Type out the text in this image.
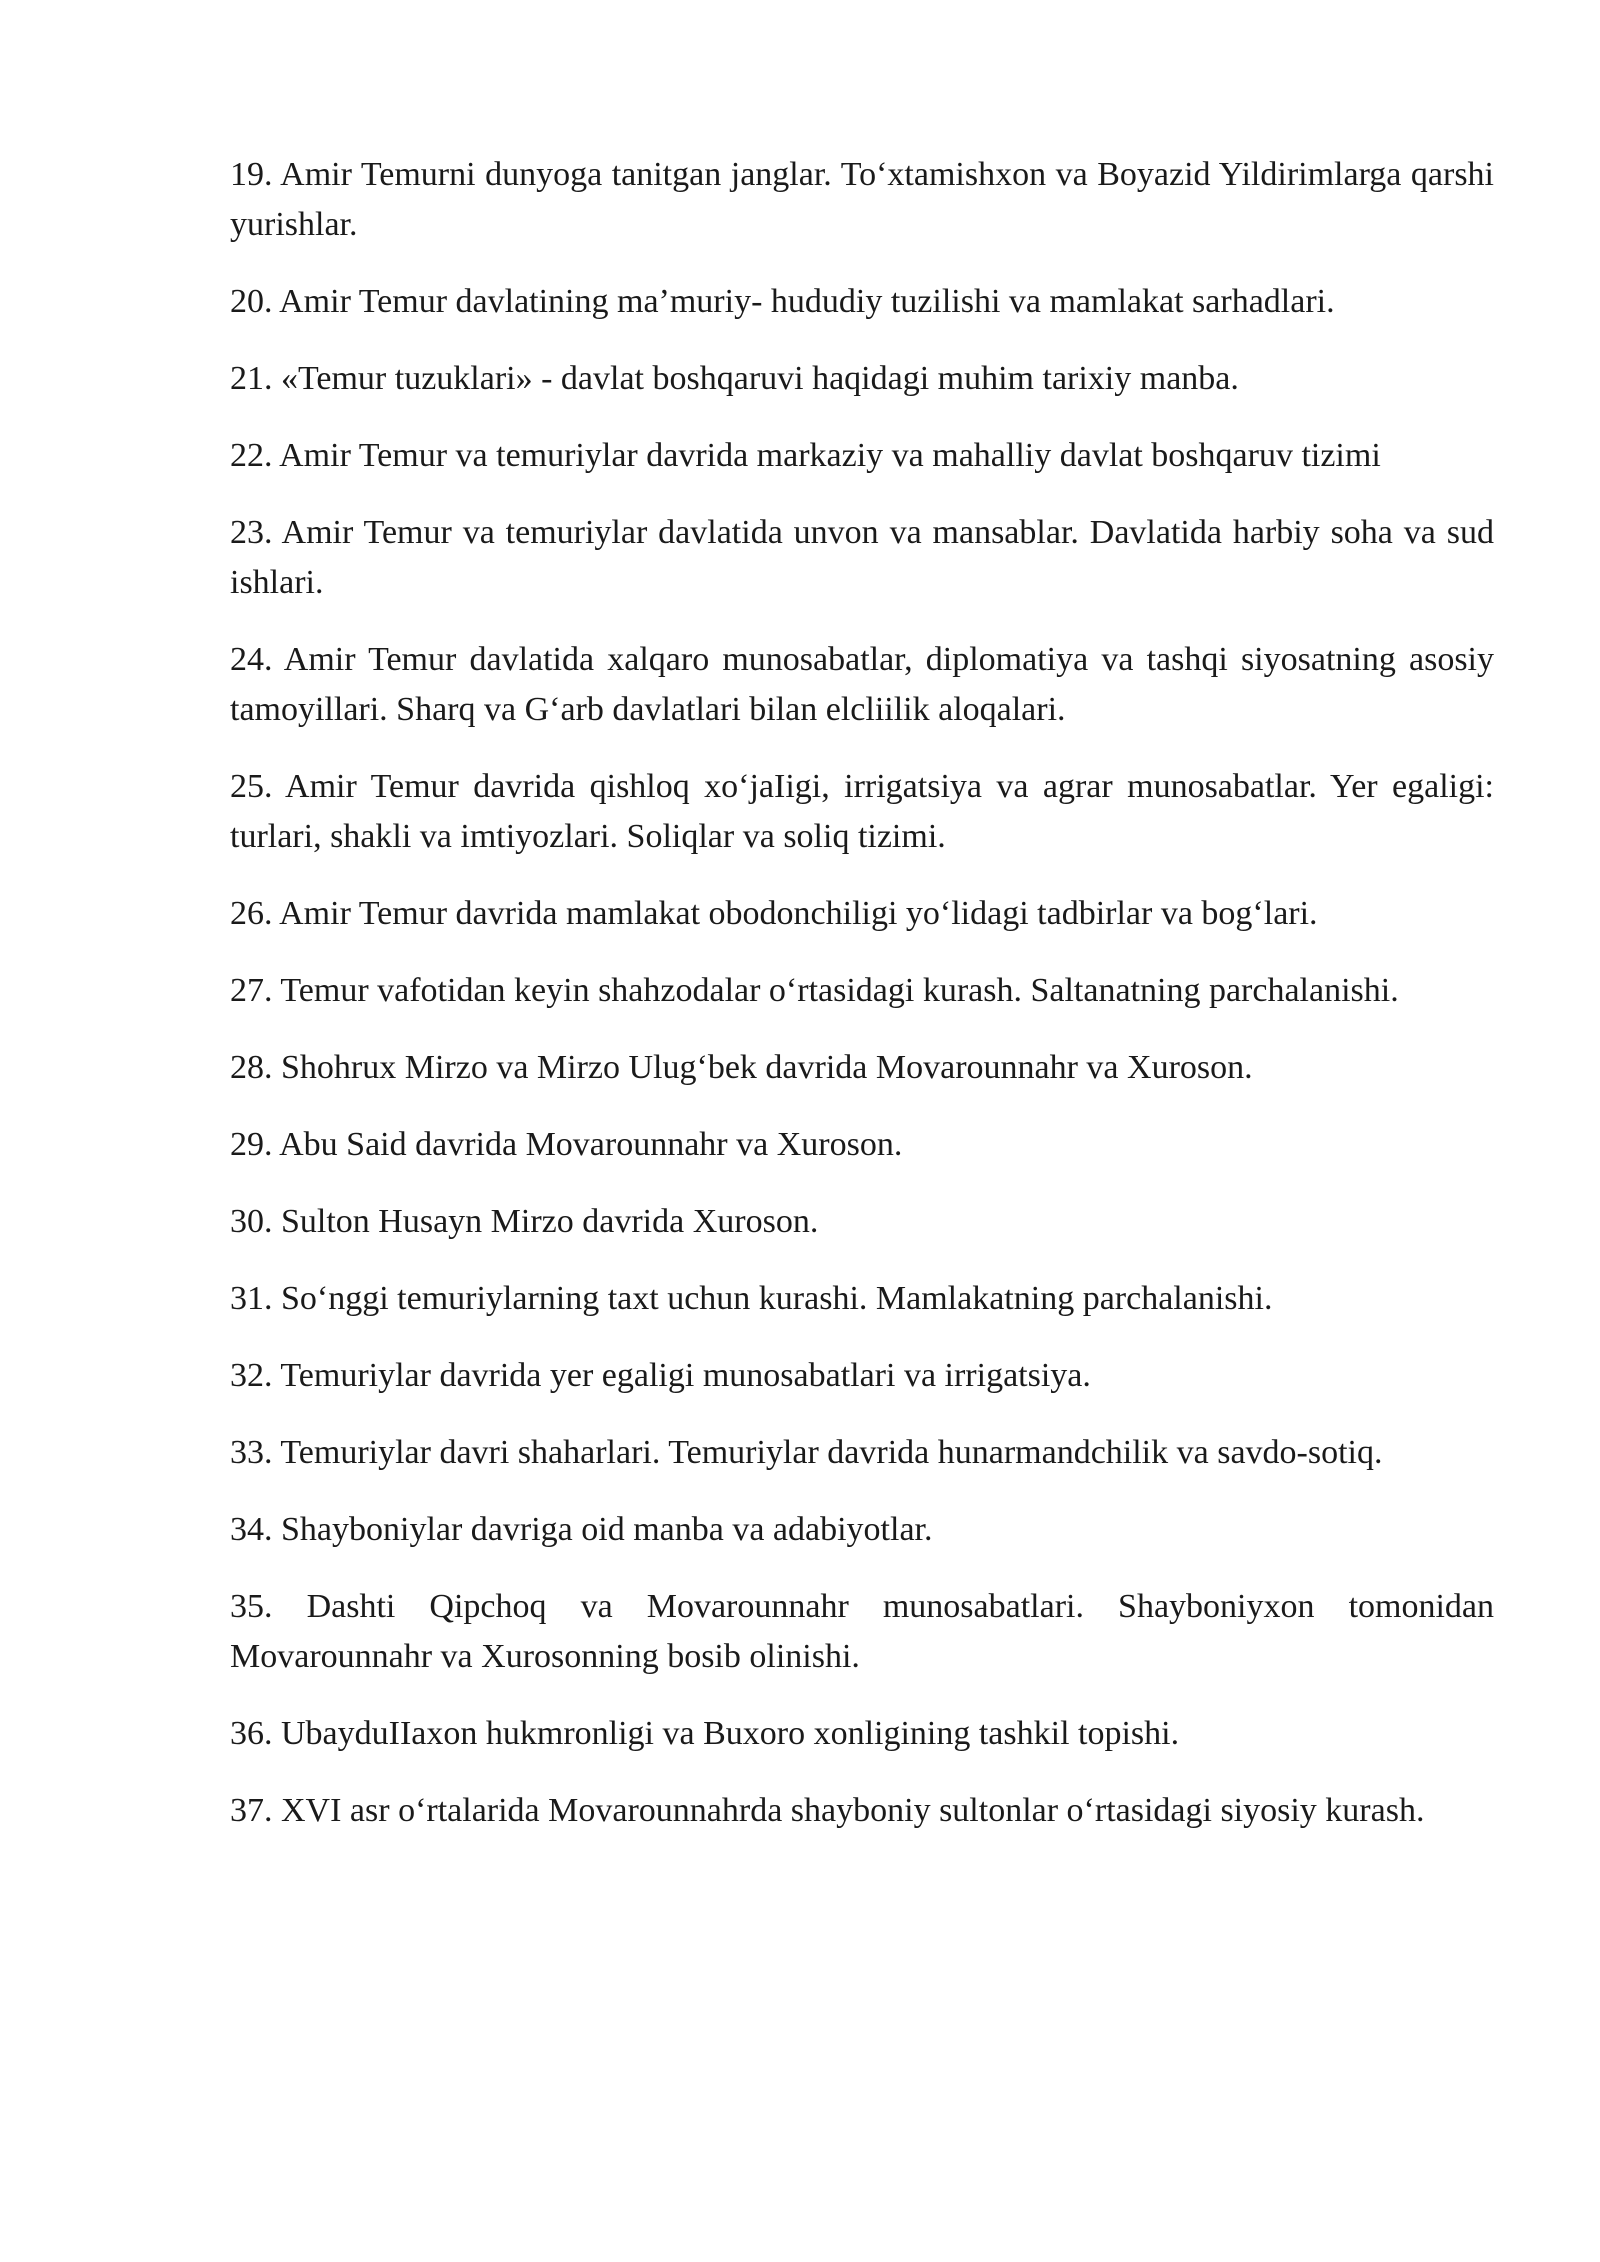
19. Amir Temurni dunyoga tanitgan janglar. To‘xtamishxon va Boyazid Yildirimlarga qarshi yurishlar.

20. Amir Temur davlatining ma’muriy- hududiy tuzilishi va mamlakat sarhadlari.

21. «Temur tuzuklari» - davlat boshqaruvi haqidagi muhim tarixiy manba.

22. Amir Temur va temuriylar davrida markaziy va mahalliy davlat boshqaruv tizimi

23. Amir Temur va temuriylar davlatida unvon va mansablar. Davlatida harbiy soha va sud ishlari.

24. Amir Temur davlatida xalqaro munosabatlar, diplomatiya va tashqi siyosatning asosiy tamoyillari. Sharq va G‘arb davlatlari bilan elcliilik aloqalari.

25. Amir Temur davrida qishloq xo‘jaIigi, irrigatsiya va agrar munosabatlar. Yer egaligi: turlari, shakli va imtiyozlari. Soliqlar va soliq tizimi.

26. Amir Temur davrida mamlakat obodonchiligi yo‘lidagi tadbirlar va bog‘lari.

27. Temur vafotidan keyin shahzodalar o‘rtasidagi kurash. Saltanatning parchalanishi.

28. Shohrux Mirzo va Mirzo Ulug‘bek davrida Movarounnahr va Xuroson.

29. Abu Said davrida Movarounnahr va Xuroson.

30. Sulton Husayn Mirzo davrida Xuroson.

31. So‘nggi temuriylarning taxt uchun kurashi. Mamlakatning parchalanishi.

32. Temuriylar davrida yer egaligi munosabatlari va irrigatsiya.

33. Temuriylar davri shaharlari. Temuriylar davrida hunarmandchilik va savdo-sotiq.

34. Shayboniylar davriga oid manba va adabiyotlar.

35. Dashti Qipchoq va Movarounnahr munosabatlari. Shayboniyxon tomonidan Movarounnahr va Xurosonning bosib olinishi.

36. UbayduIIaxon hukmronligi va Buxoro xonligining tashkil topishi.

37. XVI asr o‘rtalarida Movarounnahrda shayboniy sultonlar o‘rtasidagi siyosiy kurash.
